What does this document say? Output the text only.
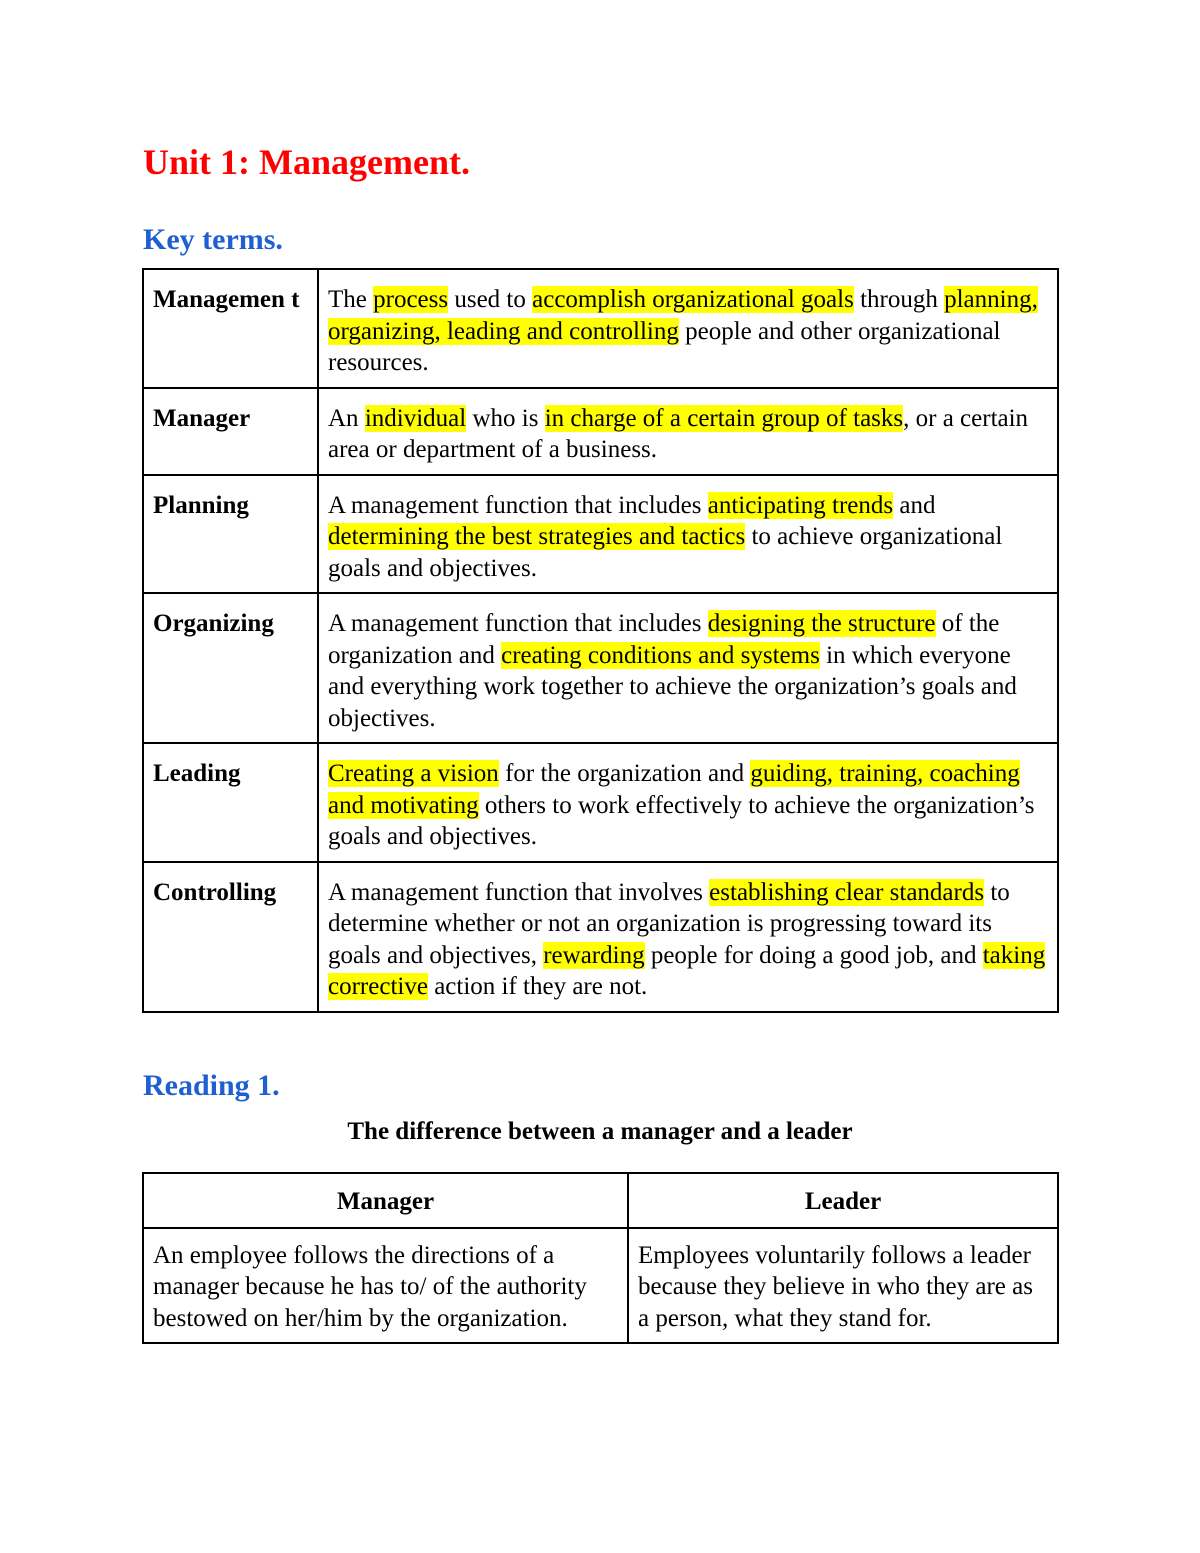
Unit 1: Management.
Key terms.
Managemen t	The process used to accomplish organizational goals through planning, organizing, leading and controlling people and other organizational resources.
Manager	An individual who is in charge of a certain group of tasks, or a certain area or department of a business.
Planning	A management function that includes anticipating trends and determining the best strategies and tactics to achieve organizational goals and objectives.
Organizing	A management function that includes designing the structure of the organization and creating conditions and systems in which everyone and everything work together to achieve the organization’s goals and objectives.
Leading	Creating a vision for the organization and guiding, training, coaching and motivating others to work effectively to achieve the organization’s goals and objectives.
Controlling	A management function that involves establishing clear standards to determine whether or not an organization is progressing toward its goals and objectives, rewarding people for doing a good job, and taking corrective action if they are not.
Reading 1.

The difference between a manager and a leader

Manager	Leader
An employee follows the directions of a manager because he has to/ of the authority bestowed on her/him by the organization.	Employees voluntarily follows a leader because they believe in who they are as a person, what they stand for.
